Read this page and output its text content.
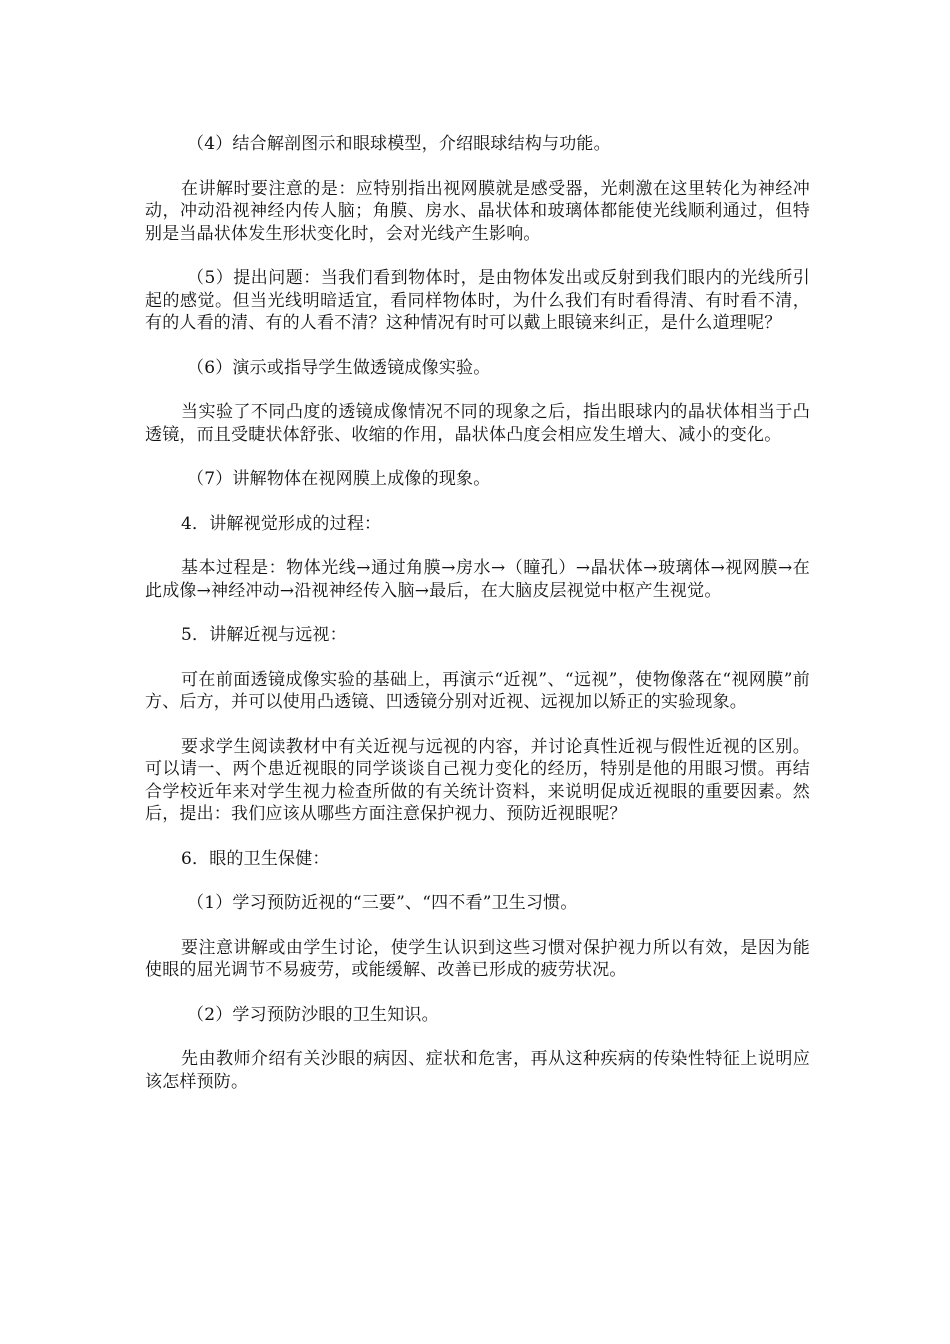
（4）结合解剖图示和眼球模型，介绍眼球结构与功能。

在讲解时要注意的是：应特别指出视网膜就是感受器，光刺激在这里转化为神经冲动，冲动沿视神经内传人脑；角膜、房水、晶状体和玻璃体都能使光线顺利通过，但特别是当晶状体发生形状变化时，会对光线产生影响。

（5）提出问题：当我们看到物体时，是由物体发出或反射到我们眼内的光线所引起的感觉。但当光线明暗适宜，看同样物体时，为什么我们有时看得清、有时看不清，有的人看的清、有的人看不清？这种情况有时可以戴上眼镜来纠正，是什么道理呢？

（6）演示或指导学生做透镜成像实验。

当实验了不同凸度的透镜成像情况不同的现象之后，指出眼球内的晶状体相当于凸透镜，而且受睫状体舒张、收缩的作用，晶状体凸度会相应发生增大、减小的变化。

（7）讲解物体在视网膜上成像的现象。

4．讲解视觉形成的过程：

基本过程是：物体光线→通过角膜→房水→（瞳孔）→晶状体→玻璃体→视网膜→在此成像→神经冲动→沿视神经传入脑→最后，在大脑皮层视觉中枢产生视觉。

5．讲解近视与远视：

可在前面透镜成像实验的基础上，再演示“近视”、“远视”，使物像落在“视网膜”前方、后方，并可以使用凸透镜、凹透镜分别对近视、远视加以矫正的实验现象。

要求学生阅读教材中有关近视与远视的内容，并讨论真性近视与假性近视的区别。可以请一、两个患近视眼的同学谈谈自己视力变化的经历，特别是他的用眼习惯。再结合学校近年来对学生视力检查所做的有关统计资料，来说明促成近视眼的重要因素。然后，提出：我们应该从哪些方面注意保护视力、预防近视眼呢？

6．眼的卫生保健：

（1）学习预防近视的“三要”、“四不看”卫生习惯。

要注意讲解或由学生讨论，使学生认识到这些习惯对保护视力所以有效，是因为能使眼的屈光调节不易疲劳，或能缓解、改善已形成的疲劳状况。

（2）学习预防沙眼的卫生知识。

先由教师介绍有关沙眼的病因、症状和危害，再从这种疾病的传染性特征上说明应该怎样预防。
